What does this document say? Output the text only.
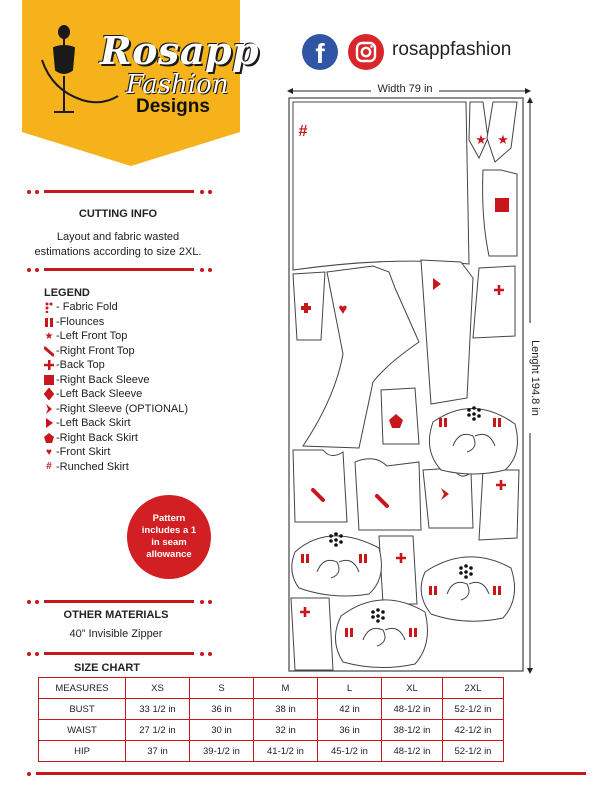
Rosapp
Fashion
Designs
f	rosappfashion
CUTTING INFO
Layout and fabric wasted estimations according to size 2XL.
LEGEND
- Fabric Fold
-Flounces
★ -Left Front Top
-Right Front Top
-Back Top
-Right Back Sleeve
-Left Back Sleeve
-Right Sleeve (OPTIONAL)
-Left Back Skirt
-Right Back Skirt
♥ -Front Skirt
# -Runched Skirt
Pattern includes a 1 in seam allowance
OTHER MATERIALS
40” Invisible Zipper
SIZE CHART
MEASURES	XS	S	M	L	XL	2XL
BUST	33 1/2 in	36 in	38 in	42 in	48-1/2 in	52-1/2 in
WAIST	27 1/2 in	30 in	32 in	36 in	38-1/2 in	42-1/2 in
HIP	37 in	39-1/2 in	41-1/2 in	45-1/2 in	48-1/2 in	52-1/2 in
Width 79 in
Lenght 194.8 in
#	★ ★
♥
